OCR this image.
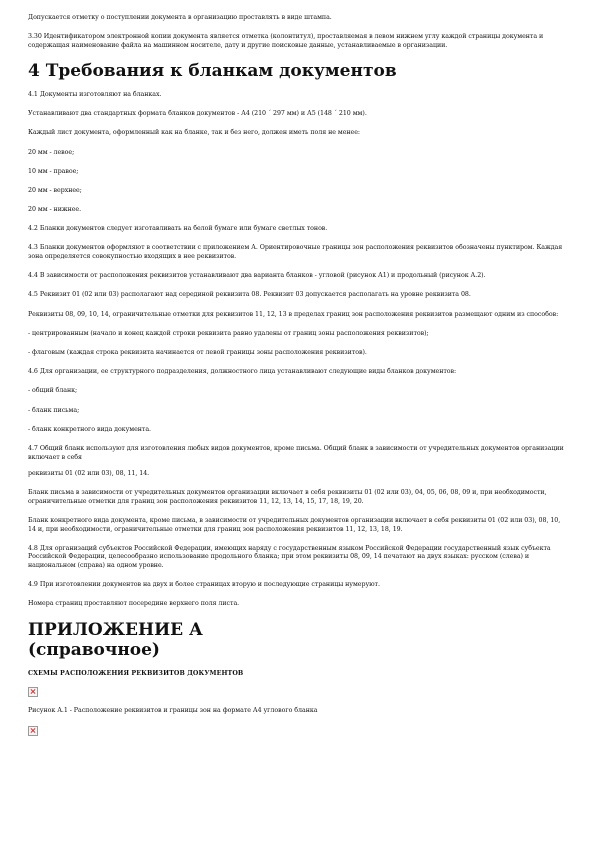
Допускается отметку о поступлении документа в организацию проставлять в виде штампа.

3.30 Идентификатором электронной копии документа является отметка (колонтитул), проставляемая в левом нижнем углу каждой страницы документа и содержащая наименование файла на машинном носителе, дату и другие поисковые данные, устанавливаемые в организации.

4 Требования к бланкам документов

4.1 Документы изготовляют на бланках.

Устанавливают два стандартных формата бланков документов - А4 (210 ´ 297 мм) и А5 (148 ´ 210 мм).

Каждый лист документа, оформленный как на бланке, так и без него, должен иметь поля не менее:

20 мм - левое;

10 мм - правое;

20 мм - верхнее;

20 мм - нижнее.

4.2 Бланки документов следует изготавливать на белой бумаге или бумаге светлых тонов.

4.3 Бланки документов оформляют в соответствии с приложением А. Ориентировочные границы зон расположения реквизитов обозначены пунктиром. Каждая зона определяется совокупностью входящих в нее реквизитов.

4.4 В зависимости от расположения реквизитов устанавливают два варианта бланков - угловой (рисунок А1) и продольный (рисунок А.2).

4.5 Реквизит 01 (02 или 03) располагают над серединой реквизита 08. Реквизит 03 допускается располагать на уровне реквизита 08.

Реквизиты 08, 09, 10, 14, ограничительные отметки для реквизитов 11, 12, 13 в пределах границ зон расположения реквизитов размещают одним из способов:

- центрированным (начало и конец каждой строки реквизита равно удалены от границ зоны расположения реквизитов);

- флаговым (каждая строка реквизита начинается от левой границы зоны расположения реквизитов).

4.6 Для организации, ее структурного подразделения, должностного лица устанавливают следующие виды бланков документов:

- общий бланк;

- бланк письма;

- бланк конкретного вида документа.

4.7 Общий бланк используют для изготовления любых видов документов, кроме письма. Общий бланк в зависимости от учредительных документов организации включает в себя

реквизиты 01 (02 или 03), 08, 11, 14.

Бланк письма в зависимости от учредительных документов организации включает в себя реквизиты 01 (02 или 03), 04, 05, 06, 08, 09 и, при необходимости, ограничительные отметки для границ зон расположения реквизитов 11, 12, 13, 14, 15, 17, 18, 19, 20.

Бланк конкретного вида документа, кроме письма, в зависимости от учредительных документов организации включает в себя реквизиты 01 (02 или 03), 08, 10, 14 и, при необходимости, ограничительные отметки для границ зон расположения реквизитов 11, 12, 13, 18, 19.

4.8 Для организаций субъектов Российской Федерации, имеющих наряду с государственным языком Российской Федерации государственный язык субъекта Российской Федерации, целесообразно использование продольного бланка; при этом реквизиты 08, 09, 14 печатают на двух языках: русском (слева) и национальном (справа) на одном уровне.

4.9 При изготовлении документов на двух и более страницах вторую и последующие страницы нумеруют.

Номера страниц проставляют посередине верхнего поля листа.

ПРИЛОЖЕНИЕ А
(справочное)
СХЕМЫ РАСПОЛОЖЕНИЯ РЕКВИЗИТОВ ДОКУМЕНТОВ

Рисунок А.1 - Расположение реквизитов и границы зон на формате А4 углового бланка
